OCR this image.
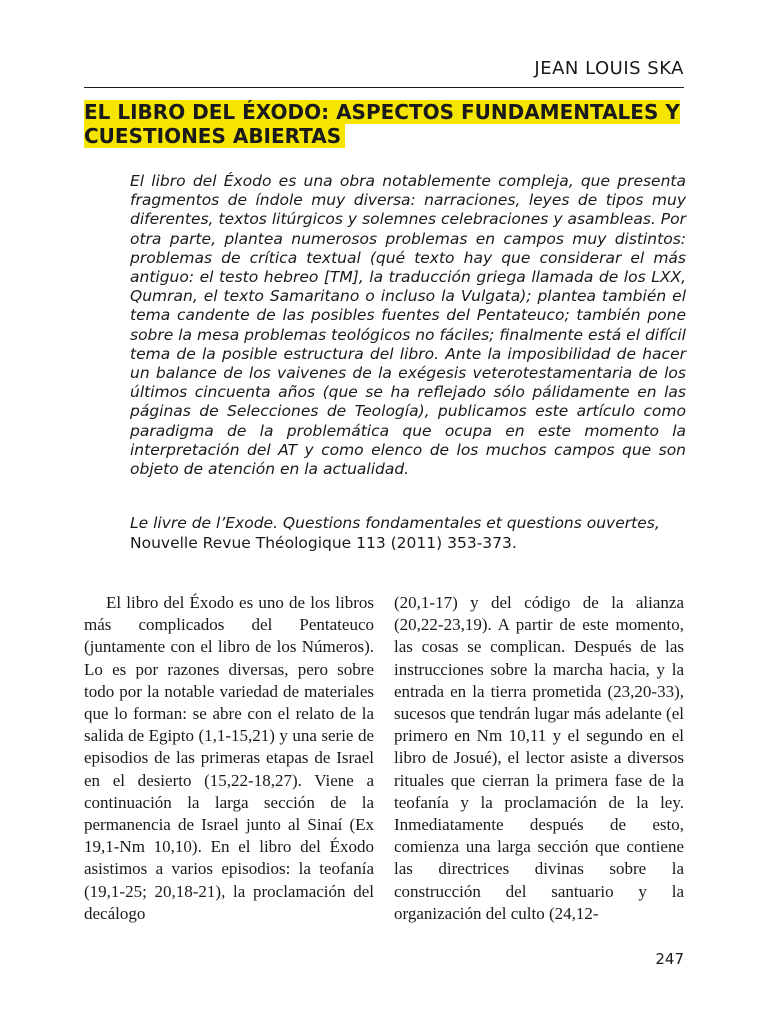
JEAN LOUIS SKA
EL LIBRO DEL ÉXODO: ASPECTOS FUNDAMENTALES Y CUESTIONES ABIERTAS

El libro del Éxodo es una obra notablemente compleja, que presenta fragmentos de índole muy diversa: narraciones, leyes de tipos muy diferentes, textos litúrgicos y solemnes celebraciones y asambleas. Por otra parte, plantea numerosos problemas en campos muy distintos: problemas de crítica textual (qué texto hay que considerar el más antiguo: el testo hebreo [TM], la traducción griega llamada de los LXX, Qumran, el texto Samaritano o incluso la Vulgata); plantea también el tema candente de las posibles fuentes del Pentateuco; también pone sobre la mesa problemas teológicos no fáciles; finalmente está el difícil tema de la posible estructura del libro. Ante la imposibilidad de hacer un balance de los vaivenes de la exégesis veterotestamentaria de los últimos cincuenta años (que se ha reflejado sólo pálidamente en las páginas de Selecciones de Teología), publicamos este artículo como paradigma de la problemática que ocupa en este momento la interpretación del AT y como elenco de los muchos campos que son objeto de atención en la actualidad.

Le livre de l’Exode. Questions fondamentales et questions ouvertes,
Nouvelle Revue Théologique 113 (2011) 353-373.

El libro del Éxodo es uno de los libros más complicados del Pentateuco (juntamente con el libro de los Números). Lo es por razones diversas, pero sobre todo por la notable variedad de materiales que lo forman: se abre con el relato de la salida de Egipto (1,1-15,21) y una serie de episodios de las primeras etapas de Israel en el desierto (15,22-18,27). Viene a continuación la larga sección de la permanencia de Israel junto al Sinaí (Ex 19,1-Nm 10,10). En el libro del Éxodo asistimos a varios episodios: la teofanía (19,1-25; 20,18-21), la proclamación del decálogo

(20,1-17) y del código de la alianza (20,22-23,19). A partir de este momento, las cosas se complican. Después de las instrucciones sobre la marcha hacia, y la entrada en la tierra prometida (23,20-33), sucesos que tendrán lugar más adelante (el primero en Nm 10,11 y el segundo en el libro de Josué), el lector asiste a diversos rituales que cierran la primera fase de la teofanía y la proclamación de la ley. Inmediatamente después de esto, comienza una larga sección que contiene las directrices divinas sobre la construcción del santuario y la organización del culto (24,12-

247
